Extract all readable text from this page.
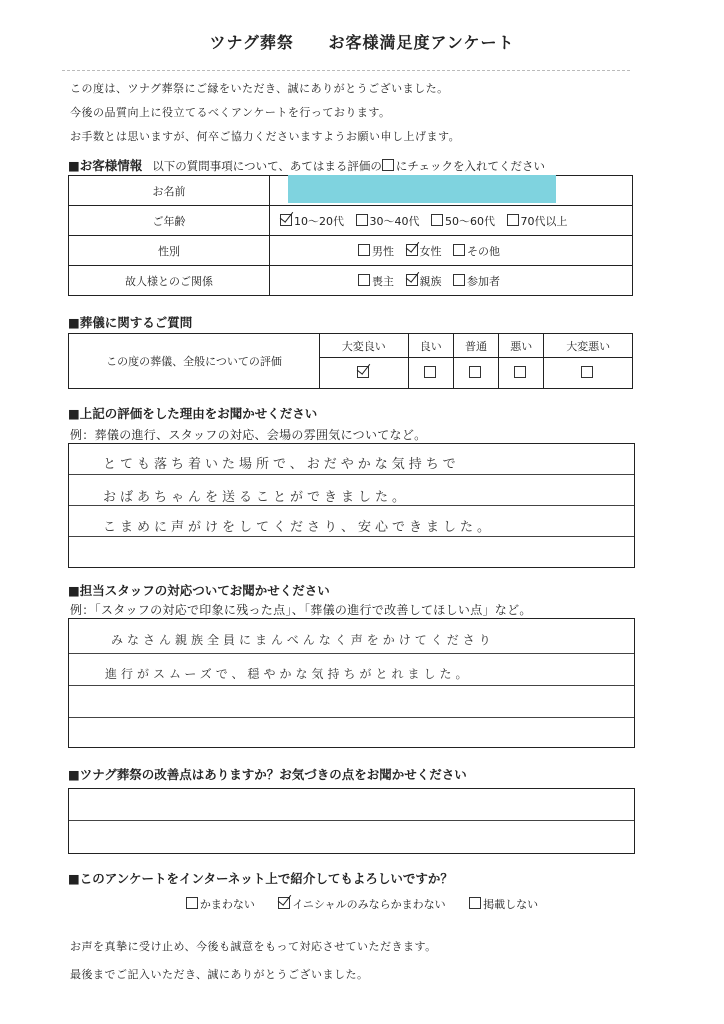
ツナグ葬祭 お客様満足度アンケート
この度は、ツナグ葬祭にご縁をいただき、誠にありがとうございました。
今後の品質向上に役立てるべくアンケートを行っております。
お手数とは思いますが、何卒ご協力くださいますようお願い申し上げます。
■お客様情報 以下の質問事項について、あてはまる評価の にチェックを入れてください
お名前	
ご年齢	10～20代 30～40代 50～60代 70代以上
性別	男性 女性 その他
故人様とのご関係	喪主 親族 参加者
■葬儀に関するご質問
この度の葬儀、全般についての評価	大変良い	良い	普通	悪い	大変悪い

■上記の評価をした理由をお聞かせください
例：葬儀の進行、スタッフの対応、会場の雰囲気についてなど。
とても落ち着いた場所で、おだやかな気持ちで
おばあちゃんを送ることができました。
こまめに声がけをしてくださり、安心できました。
■担当スタッフの対応ついてお聞かせください
例：「スタッフの対応で印象に残った点」、「葬儀の進行で改善してほしい点」など。
みなさん親族全員にまんべんなく声をかけてくださり
進行がスムーズで、穏やかな気持ちがとれました。
■ツナグ葬祭の改善点はありますか？お気づきの点をお聞かせください
■このアンケートをインターネット上で紹介してもよろしいですか？
かまわない	イニシャルのみならかまわない	掲載しない
お声を真摯に受け止め、今後も誠意をもって対応させていただきます。
最後までご記入いただき、誠にありがとうございました。
